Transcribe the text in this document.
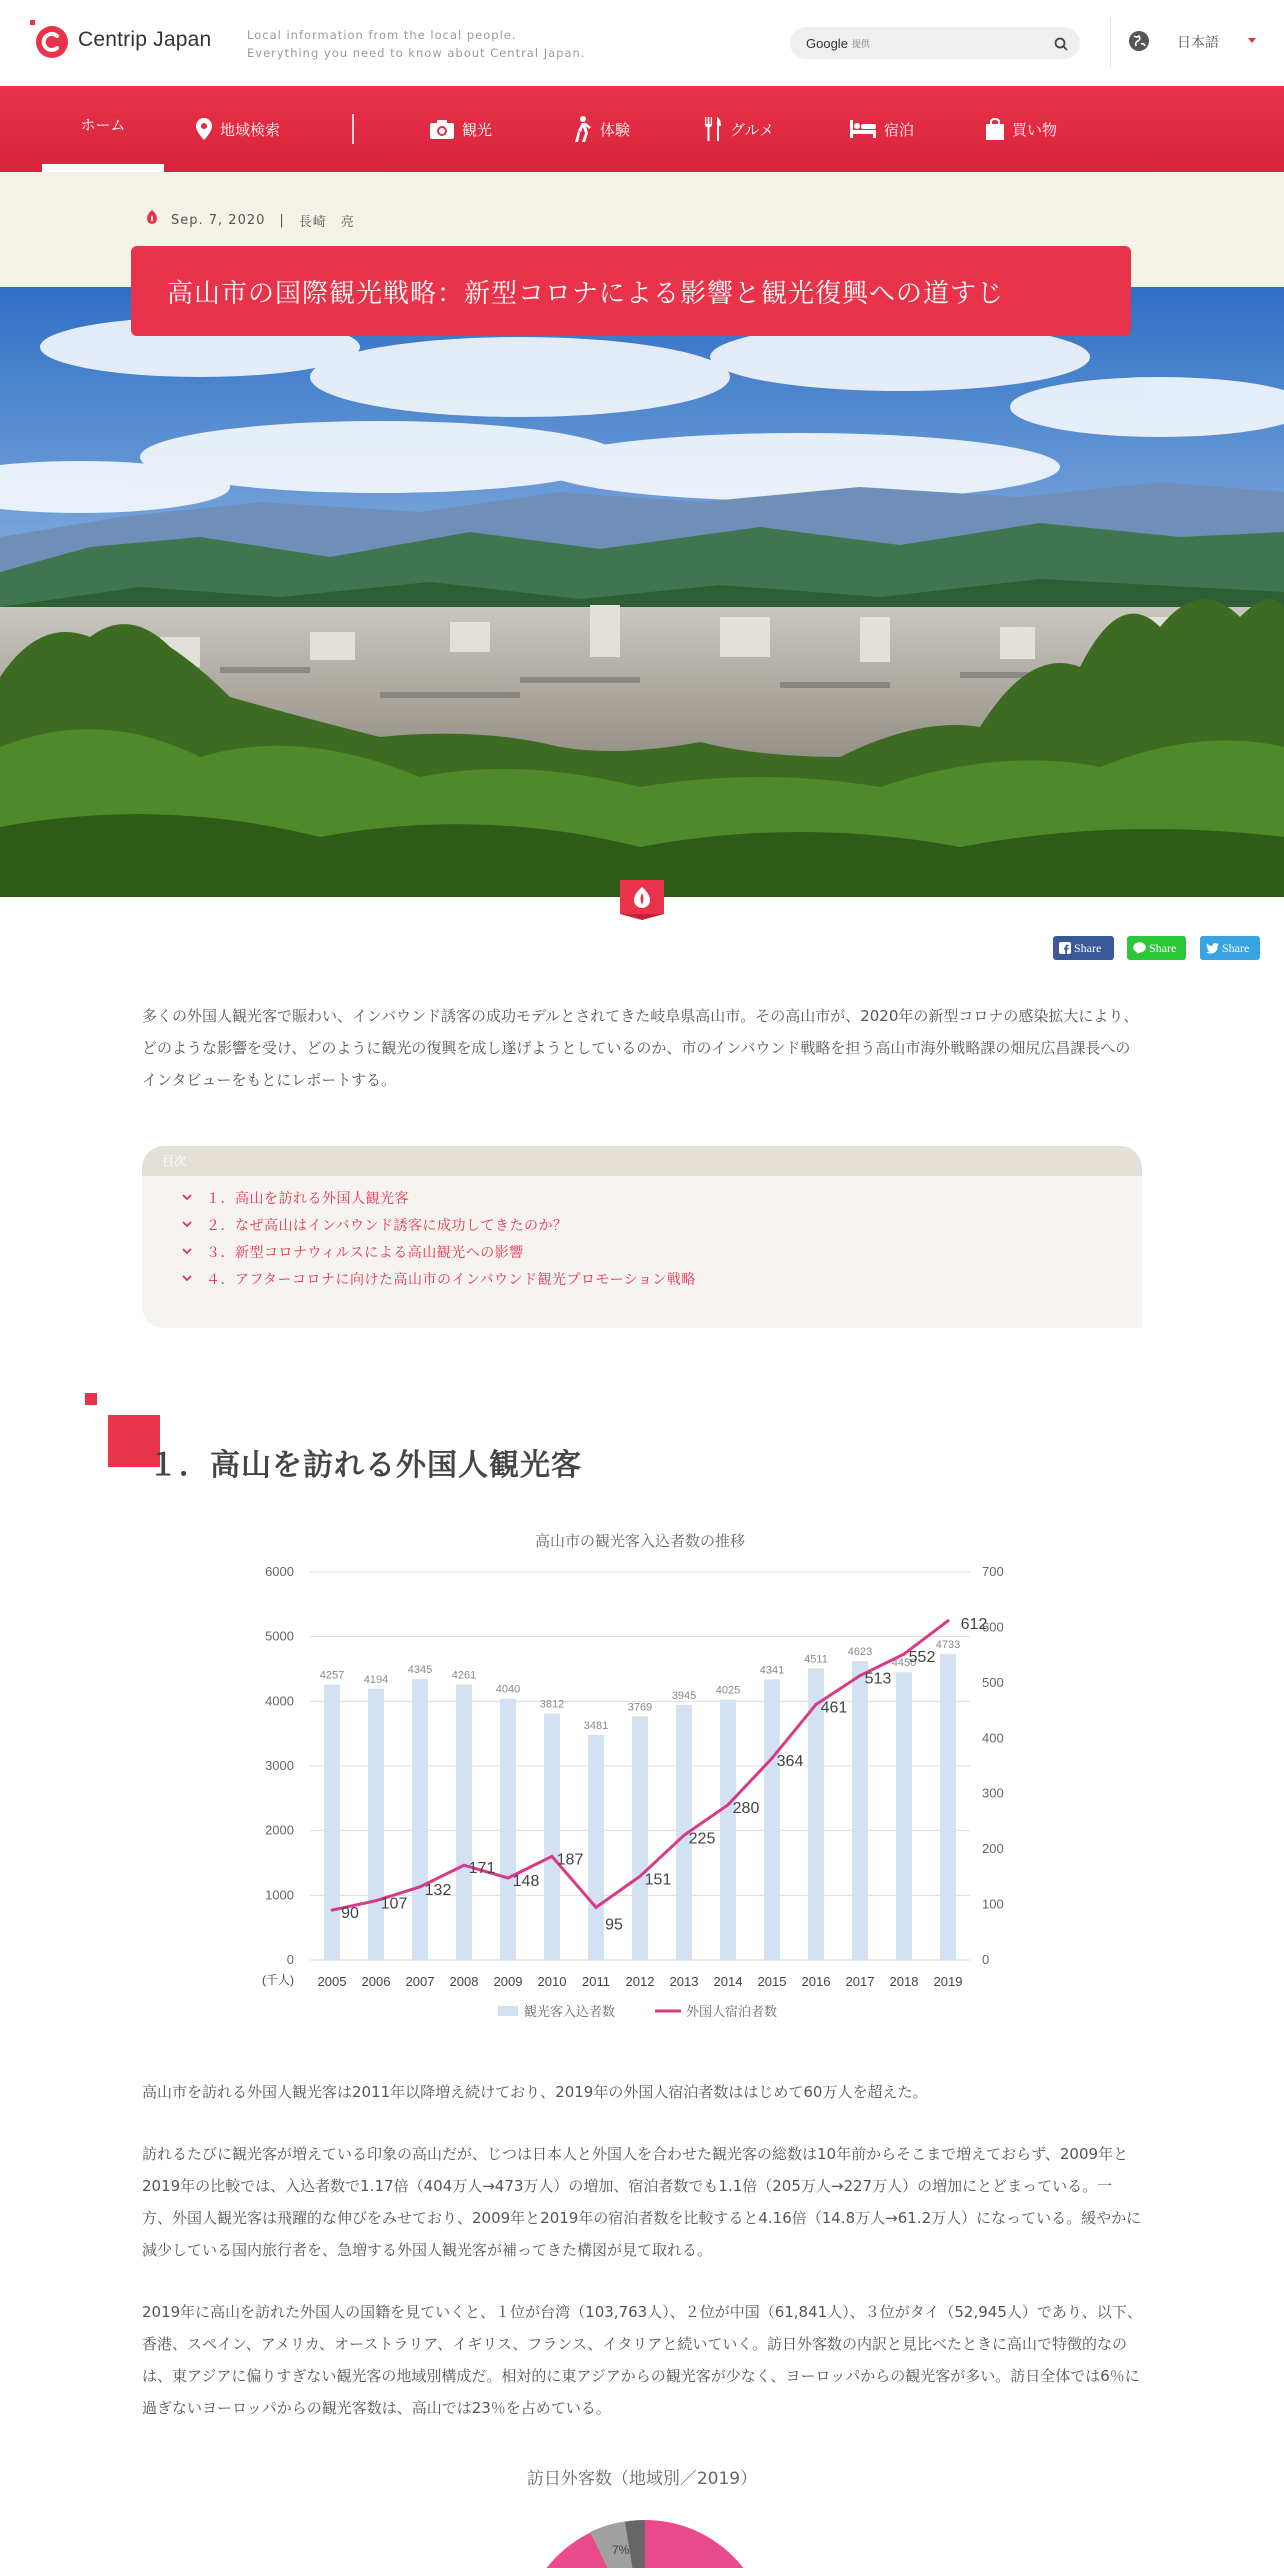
Centrip Japan	Local information from the local people.
Everything you need to know about Central Japan.
Google 提供	日本語
ホーム	地域検索	観光	体験	グルメ	宿泊	買い物
Sep. 7, 2020 | 長崎　亮
高山市の国際観光戦略：新型コロナによる影響と観光復興への道すじ
Share	Share	Share

多くの外国人観光客で賑わい、インバウンド誘客の成功モデルとされてきた岐阜県高山市。その高山市が、2020年の新型コロナの感染拡大により、どのような影響を受け、どのように観光の復興を成し遂げようとしているのか、市のインバウンド戦略を担う高山市海外戦略課の畑尻広昌課長へのインタビューをもとにレポートする。

目次
１．高山を訪れる外国人観光客
２．なぜ高山はインバウンド誘客に成功してきたのか？
３．新型コロナウィルスによる高山観光への影響
４．アフターコロナに向けた高山市のインバウンド観光プロモーション戦略
１．高山を訪れる外国人観光客
高山市の観光客入込者数の推移
0
1000
2000
3000
4000
5000
6000
0
100
200
300
400
500
600
700
4257 4194
4345 4261
4040
3812
3481
3769
3945 4025
4341
4511
4623
4450
4733
90
107
132
171
148
187
95
151
225
280
364
461
513
552
612
2005 2006 2007 2008 2009 2010 2011 2012 2013 2014 2015 2016 2017 2018 2019
(千人)
観光客入込者数	外国人宿泊者数

高山市を訪れる外国人観光客は2011年以降増え続けており、2019年の外国人宿泊者数ははじめて60万人を超えた。

訪れるたびに観光客が増えている印象の高山だが、じつは日本人と外国人を合わせた観光客の総数は10年前からそこまで増えておらず、2009年と2019年の比較では、入込者数で1.17倍（404万人→473万人）の増加、宿泊者数でも1.1倍（205万人→227万人）の増加にとどまっている。一方、外国人観光客は飛躍的な伸びをみせており、2009年と2019年の宿泊者数を比較すると4.16倍（14.8万人→61.2万人）になっている。緩やかに減少している国内旅行者を、急増する外国人観光客が補ってきた構図が見て取れる。

2019年に高山を訪れた外国人の国籍を見ていくと、１位が台湾（103,763人）、２位が中国（61,841人）、３位がタイ（52,945人）であり、以下、香港、スペイン、アメリカ、オーストラリア、イギリス、フランス、イタリアと続いていく。訪日外客数の内訳と見比べたときに高山で特徴的なのは、東アジアに偏りすぎない観光客の地域別構成だ。相対的に東アジアからの観光客が少なく、ヨーロッパからの観光客が多い。訪日全体では6％に過ぎないヨーロッパからの観光客数は、高山では23％を占めている。

訪日外客数（地域別／2019）
7%
